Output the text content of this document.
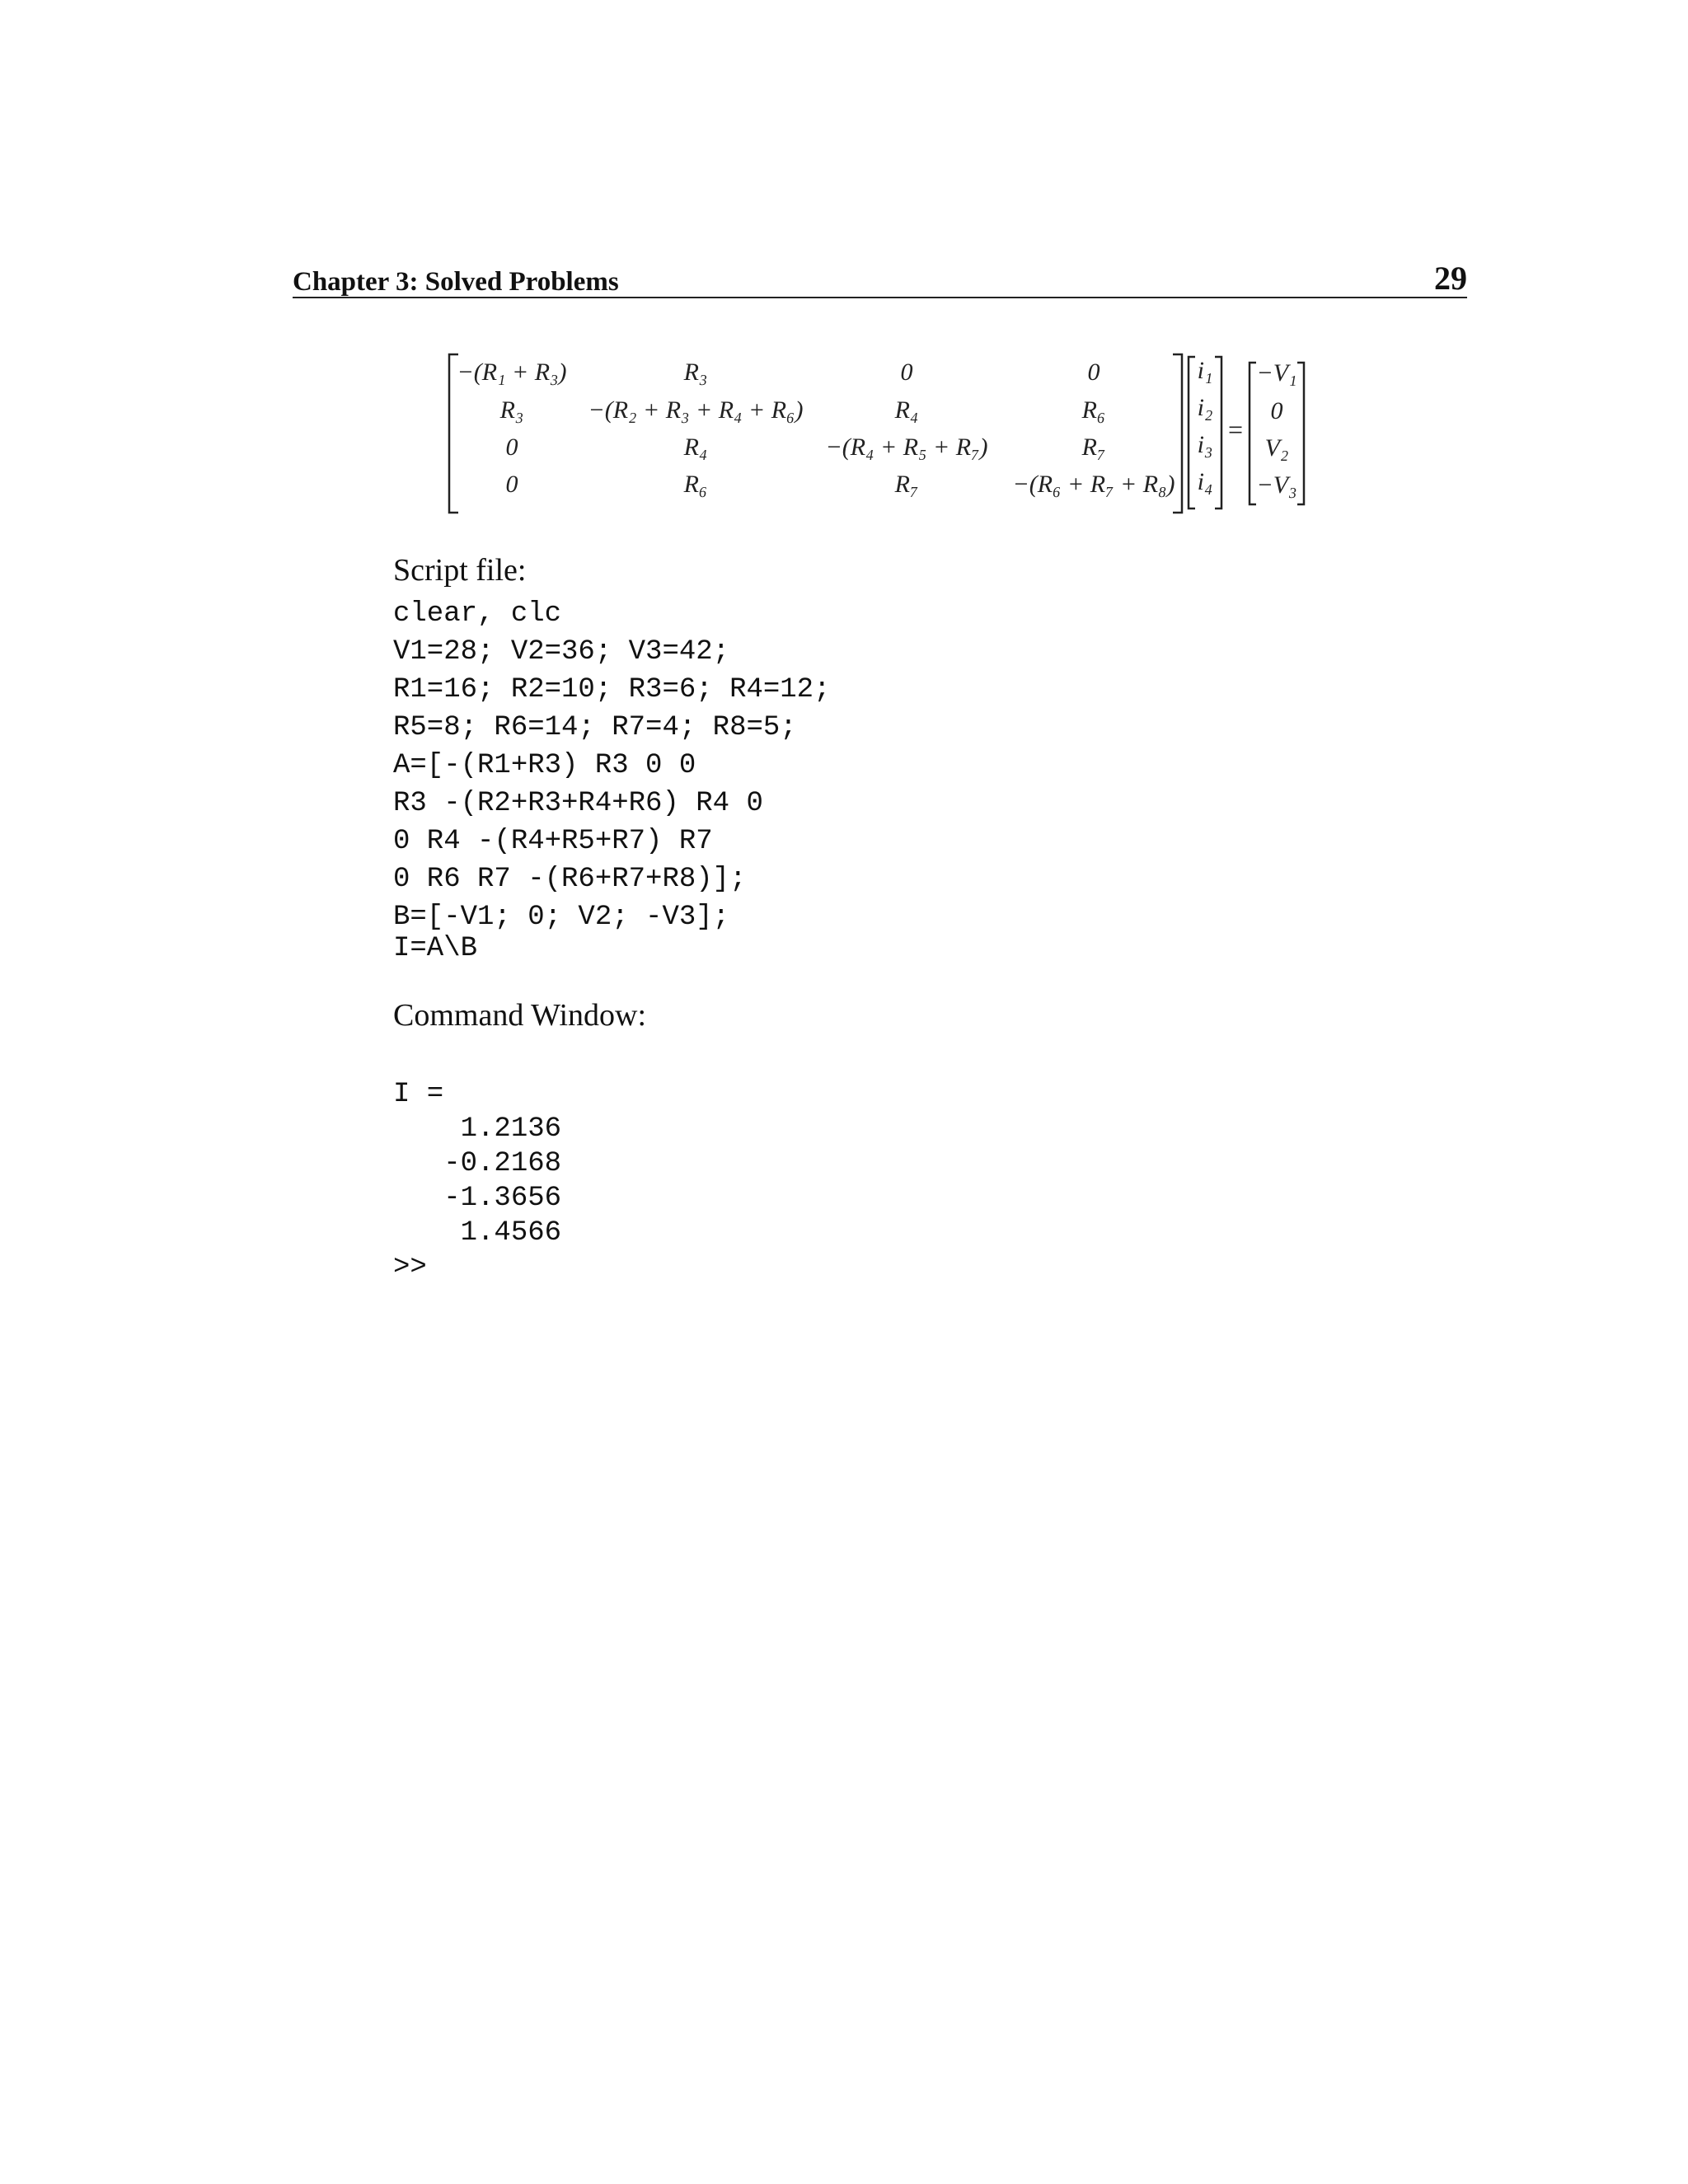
Chapter 3: Solved Problems	29
−(R₁ + R₃)	R₃	0	0
R₃	−(R₂ + R₃ + R₄ + R₆)	R₄	R₆
0	R₄	−(R₄ + R₅ + R₇)	R₇
0	R₆	R₇	−(R₆ + R₇ + R₈)
i₁
i₂
i₃
i₄
−V₁
0
V₂
−V₃
=
Script file:
clear, clc
V1=28; V2=36; V3=42;
R1=16; R2=10; R3=6; R4=12;
R5=8; R6=14; R7=4; R8=5;
A=[-(R1+R3) R3 0 0
R3 -(R2+R3+R4+R6) R4 0
0 R4 -(R4+R5+R7) R7
0 R6 R7 -(R6+R7+R8)];
B=[-V1; 0; V2; -V3];
I=A\B
Command Window:
I =
1.2136
-0.2168
-1.3656
1.4566
>>
